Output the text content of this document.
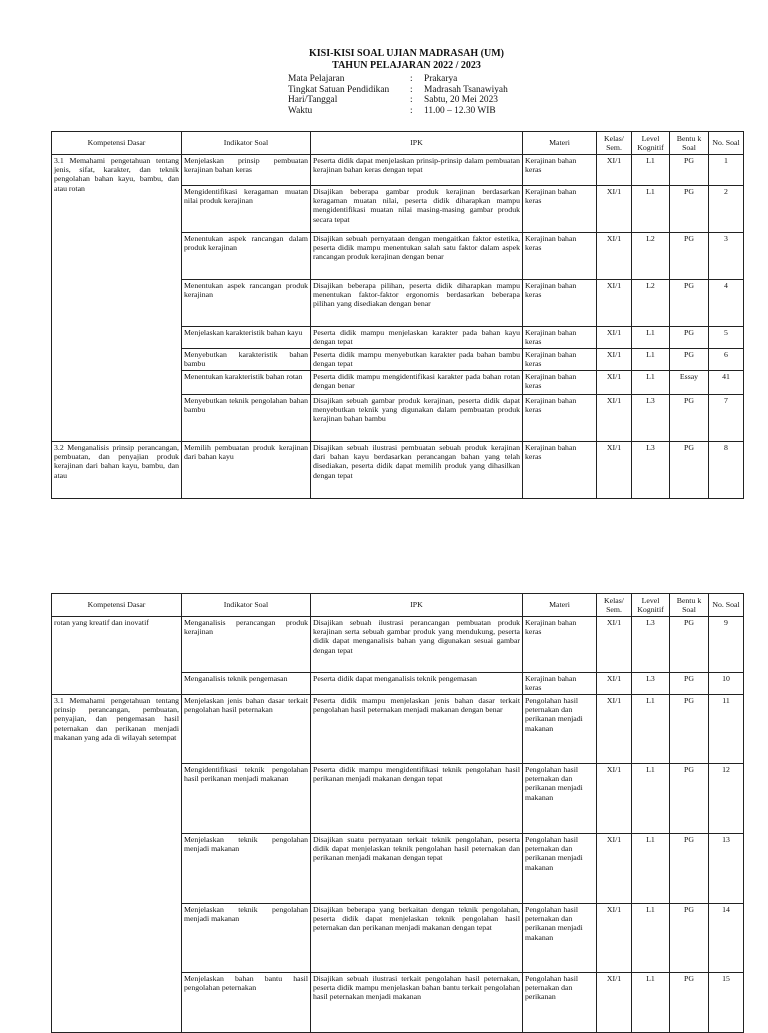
KISI-KISI SOAL UJIAN MADRASAH (UM)
TAHUN PELAJARAN 2022 / 2023
Mata Pelajaran	:	Prakarya
Tingkat Satuan Pendidikan	:	Madrasah Tsanawiyah
Hari/Tanggal	:	Sabtu, 20 Mei 2023
Waktu	:	11.00 – 12.30 WIB
Kompetensi Dasar	Indikator Soal	IPK	Materi	Kelas/ Sem.	Level Kognitif	Bentu k Soal	No. Soal
3.1 Memahami pengetahuan tentang jenis, sifat, karakter, dan teknik pengolahan bahan kayu, bambu, dan atau rotan	Menjelaskan prinsip pembuatan kerajinan bahan keras	Peserta didik dapat menjelaskan prinsip-prinsip dalam pembuatan kerajinan bahan keras dengan tepat	Kerajinan bahan keras	XI/1	L1	PG	1
	Mengidentifikasi keragaman muatan nilai produk kerajinan	Disajikan beberapa gambar produk kerajinan berdasarkan keragaman muatan nilai, peserta didik diharapkan mampu mengidentifikasi muatan nilai masing-masing gambar produk secara tepat	Kerajinan bahan keras	XI/1	L1	PG	2
	Menentukan aspek rancangan dalam produk kerajinan	Disajikan sebuah pernyataan dengan mengaitkan faktor estetika, peserta didik mampu menentukan salah satu faktor dalam aspek rancangan produk kerajinan dengan benar	Kerajinan bahan keras	XI/1	L2	PG	3
	Menentukan aspek rancangan produk kerajinan	Disajikan beberapa pilihan, peserta didik diharapkan mampu menentukan faktor-faktor ergonomis berdasarkan beberapa pilihan yang disediakan dengan benar	Kerajinan bahan keras	XI/1	L2	PG	4
	Menjelaskan karakteristik bahan kayu	Peserta didik mampu menjelaskan karakter pada bahan kayu dengan tepat	Kerajinan bahan keras	XI/1	L1	PG	5
	Menyebutkan karakteristik bahan bambu	Peserta didik mampu menyebutkan karakter pada bahan bambu dengan tepat	Kerajinan bahan keras	XI/1	L1	PG	6
	Menentukan karakteristik bahan rotan	Peserta didik mampu mengidentifikasi karakter pada bahan rotan dengan benar	Kerajinan bahan keras	XI/1	L1	Essay	41
	Menyebutkan teknik pengolahan bahan bambu	Disajikan sebuah gambar produk kerajinan, peserta didik dapat menyebutkan teknik yang digunakan dalam pembuatan produk kerajinan bahan bambu	Kerajinan bahan keras	XI/1	L3	PG	7
3.2 Menganalisis prinsip perancangan, pembuatan, dan penyajian produk kerajinan dari bahan kayu, bambu, dan atau	Memilih pembuatan produk kerajinan dari bahan kayu	Disajikan sebuah ilustrasi pembuatan sebuah produk kerajinan dari bahan kayu berdasarkan perancangan bahan yang telah disediakan, peserta didik dapat memilih produk yang dihasilkan dengan tepat	Kerajinan bahan keras	XI/1	L3	PG	8
Kompetensi Dasar	Indikator Soal	IPK	Materi	Kelas/ Sem.	Level Kognitif	Bentu k Soal	No. Soal
rotan yang kreatif dan inovatif	Menganalisis perancangan produk kerajinan	Disajikan sebuah ilustrasi perancangan pembuatan produk kerajinan serta sebuah gambar produk yang mendukung, peserta didik dapat menganalisis bahan yang digunakan sesuai gambar dengan tepat	Kerajinan bahan keras	XI/1	L3	PG	9
	Menganalisis teknik pengemasan	Peserta didik dapat menganalisis teknik pengemasan	Kerajinan bahan keras	XI/1	L3	PG	10
3.1 Memahami pengetahuan tentang prinsip perancangan, pembuatan, penyajian, dan pengemasan hasil peternakan dan perikanan menjadi makanan yang ada di wilayah setempat	Menjelaskan jenis bahan dasar terkait pengolahan hasil peternakan	Peserta didik mampu menjelaskan jenis bahan dasar terkait pengolahan hasil peternakan menjadi makanan dengan benar	Pengolahan hasil peternakan dan perikanan menjadi makanan	XI/1	L1	PG	11
	Mengidentifikasi teknik pengolahan hasil perikanan menjadi makanan	Peserta didik mampu mengidentifikasi teknik pengolahan hasil perikanan menjadi makanan dengan tepat	Pengolahan hasil peternakan dan perikanan menjadi makanan	XI/1	L1	PG	12
	Menjelaskan teknik pengolahan menjadi makanan	Disajikan suatu pernyataan terkait teknik pengolahan, peserta didik dapat menjelaskan teknik pengolahan hasil peternakan dan perikanan menjadi makanan dengan tepat	Pengolahan hasil peternakan dan perikanan menjadi makanan	XI/1	L1	PG	13
	Menjelaskan teknik pengolahan menjadi makanan	Disajikan beberapa yang berkaitan dengan teknik pengolahan, peserta didik dapat menjelaskan teknik pengolahan hasil peternakan dan perikanan menjadi makanan dengan tepat	Pengolahan hasil peternakan dan perikanan menjadi makanan	XI/1	L1	PG	14
	Menjelaskan bahan bantu hasil pengolahan peternakan	Disajikan sebuah ilustrasi terkait pengolahan hasil peternakan, peserta didik mampu menjelaskan bahan bantu terkait pengolahan hasil peternakan menjadi makanan	Pengolahan hasil peternakan dan perikanan	XI/1	L1	PG	15
